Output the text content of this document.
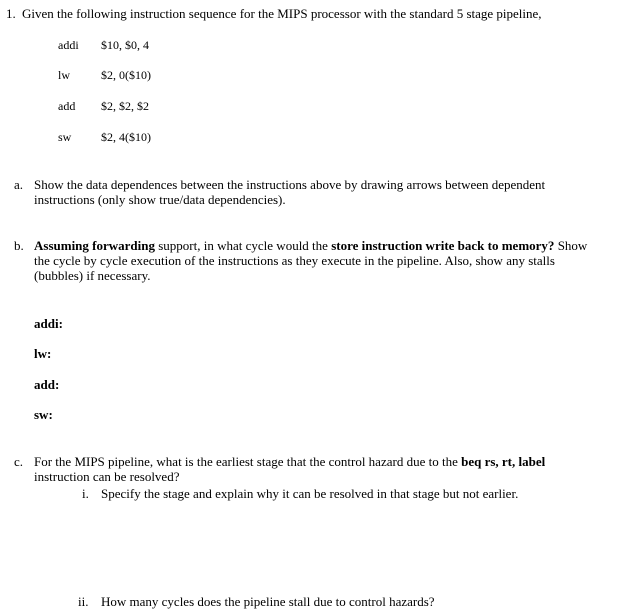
1. Given the following instruction sequence for the MIPS processor with the standard 5 stage pipeline,
addi $10, $0, 4
lw	$2, 0($10)
add $2, $2, $2
sw $2, 4($10)
a. Show the data dependences between the instructions above by drawing arrows between dependent instructions (only show true/data dependencies).
b. Assuming forwarding support, in what cycle would the store instruction write back to memory? Show the cycle by cycle execution of the instructions as they execute in the pipeline. Also, show any stalls (bubbles) if necessary.
addi:
lw:
add:
sw:
c. For the MIPS pipeline, what is the earliest stage that the control hazard due to the beq rs, rt, label instruction can be resolved?
i. Specify the stage and explain why it can be resolved in that stage but not earlier.
ii. How many cycles does the pipeline stall due to control hazards?
